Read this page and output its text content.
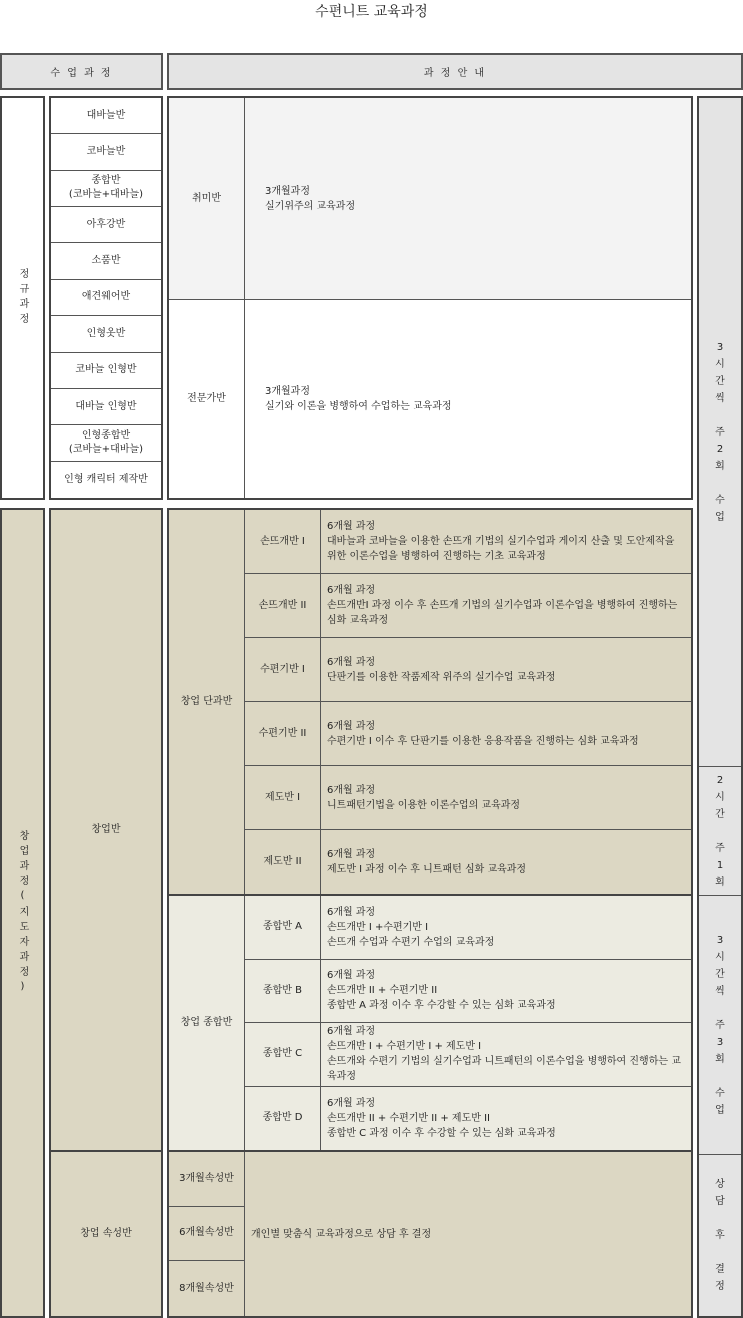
수편니트 교육과정
수 업 과 정	과 정 안 내
정규과정
대바늘반
코바늘반
종합반
(코바늘+대바늘)
아후강반
소품반
애견웨어반
인형옷반
코바늘 인형반
대바늘 인형반
인형종합반
(코바늘+대바늘)
인형 캐릭터 제작반
취미반
3개월과정
실기위주의 교육과정
전문가반
3개월과정
실기와 이론을 병행하여 수업하는 교육과정
3
시
간
씩
주
2
회
수
업
2
시
간
주
1
회
3
시
간
씩
주
3
회
수
업
상
담
후
결
정
창업과정(지도자과정)	창업반
창업 속성반
창업 단과반
손뜨개반 I
6개월 과정
대바늘과 코바늘을 이용한 손뜨개 기법의 실기수업과 게이지 산출 및 도안제작을 위한 이론수업을 병행하여 진행하는 기초 교육과정
손뜨개반 II
6개월 과정
손뜨개반I 과정 이수 후 손뜨개 기법의 실기수업과 이론수업을 병행하여 진행하는 심화 교육과정
수편기반 I
6개월 과정
단판기를 이용한 작품제작 위주의 실기수업 교육과정
수편기반 II
6개월 과정
수편기반 I 이수 후 단판기를 이용한 응용작품을 진행하는 심화 교육과정
제도반 I
6개월 과정
니트패턴기법을 이용한 이론수업의 교육과정
제도반 II
6개월 과정
제도반 I 과정 이수 후 니트패턴 심화 교육과정
창업 종합반
종합반 A
6개월 과정
손뜨개반 I +수편기반 I
손뜨개 수업과 수편기 수업의 교육과정
종합반 B
6개월 과정
손뜨개반 II + 수편기반 II
종합반 A 과정 이수 후 수강할 수 있는 심화 교육과정
종합반 C
6개월 과정
손뜨개반 I + 수편기반 I + 제도반 I
손뜨개와 수편기 기법의 실기수업과 니트패턴의 이론수업을 병행하여 진행하는 교육과정
종합반 D
6개월 과정
손뜨개반 II + 수편기반 II + 제도반 II
종합반 C 과정 이수 후 수강할 수 있는 심화 교육과정
개인별 맞춤식 교육과정으로 상담 후 결정
3개월속성반
6개월속성반
8개월속성반
